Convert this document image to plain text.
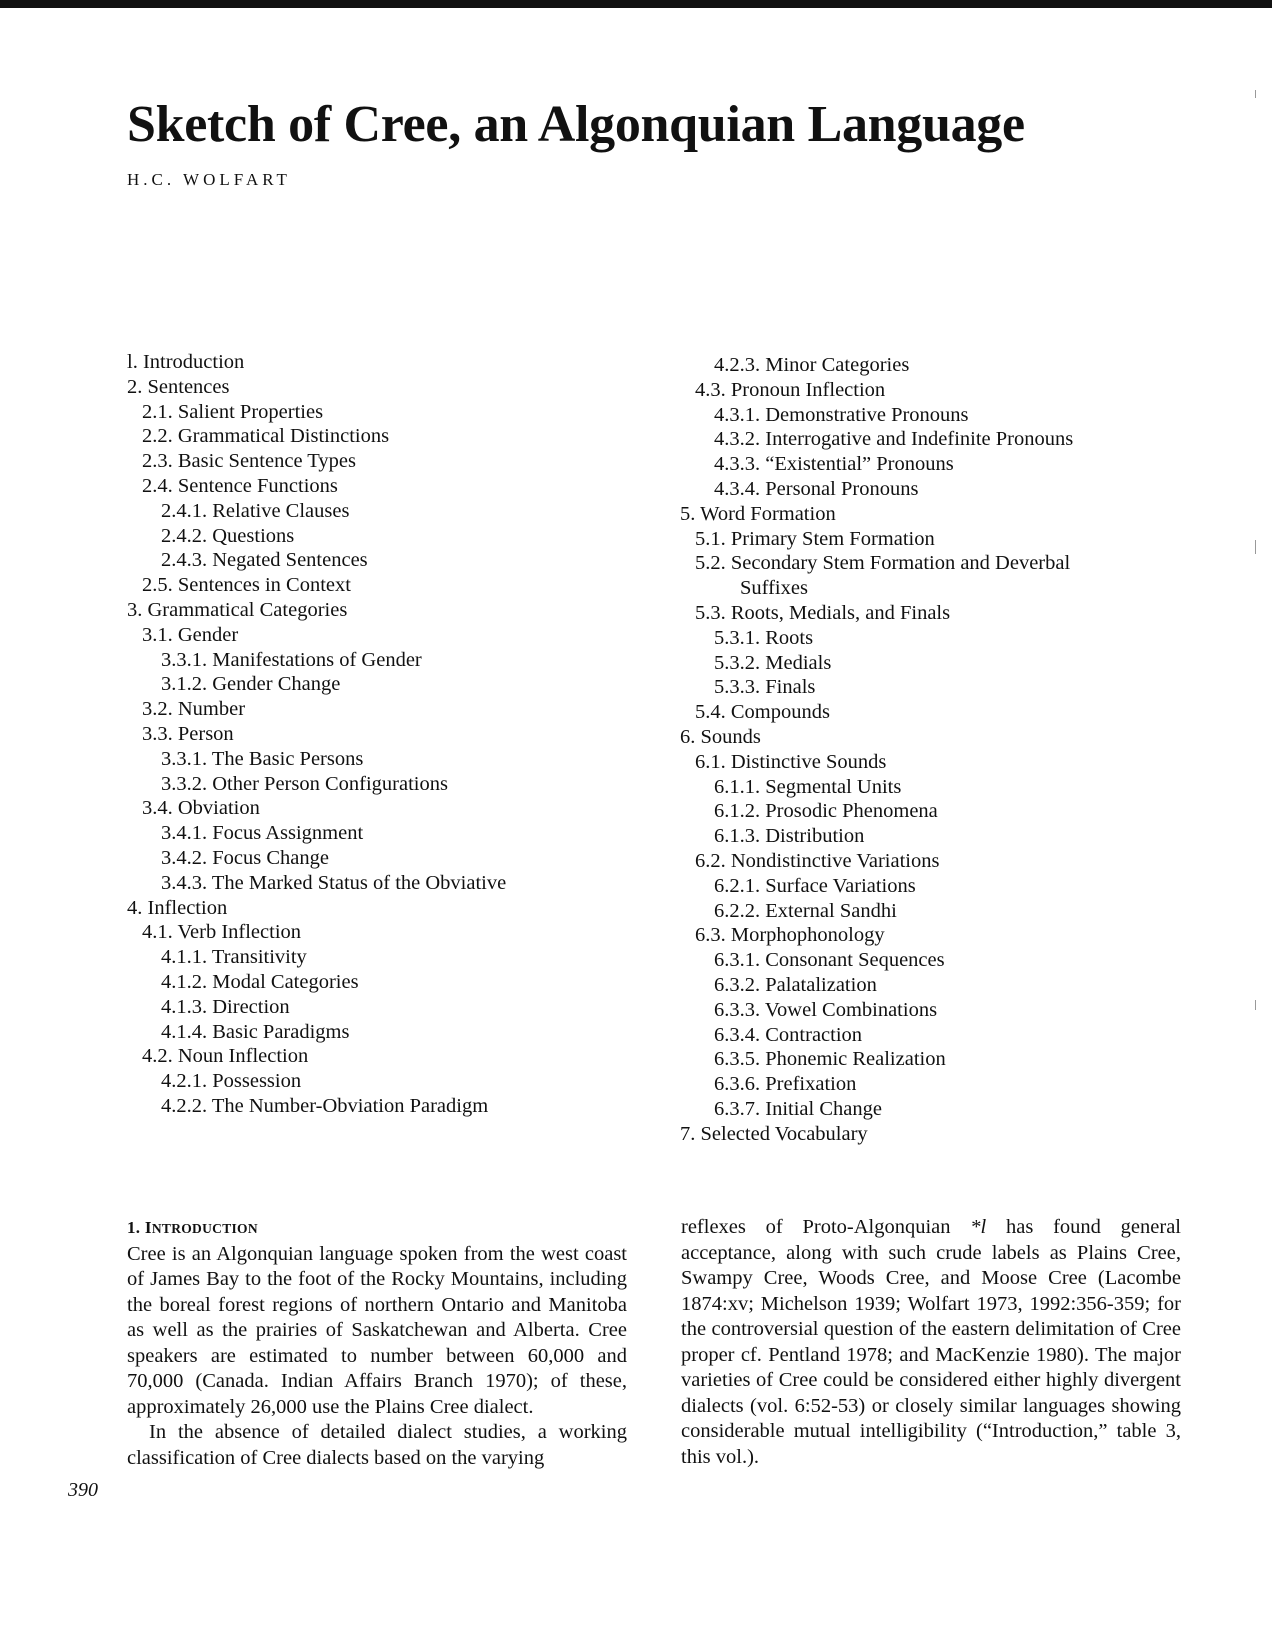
Sketch of Cree, an Algonquian Language
H.C. WOLFART
l. Introduction
2. Sentences
2.1. Salient Properties
2.2. Grammatical Distinctions
2.3. Basic Sentence Types
2.4. Sentence Functions
2.4.1. Relative Clauses
2.4.2. Questions
2.4.3. Negated Sentences
2.5. Sentences in Context
3. Grammatical Categories
3.1. Gender
3.3.1. Manifestations of Gender
3.1.2. Gender Change
3.2. Number
3.3. Person
3.3.1. The Basic Persons
3.3.2. Other Person Configurations
3.4. Obviation
3.4.1. Focus Assignment
3.4.2. Focus Change
3.4.3. The Marked Status of the Obviative
4. Inflection
4.1. Verb Inflection
4.1.1. Transitivity
4.1.2. Modal Categories
4.1.3. Direction
4.1.4. Basic Paradigms
4.2. Noun Inflection
4.2.1. Possession
4.2.2. The Number-Obviation Paradigm
4.2.3. Minor Categories
4.3. Pronoun Inflection
4.3.1. Demonstrative Pronouns
4.3.2. Interrogative and Indefinite Pronouns
4.3.3. “Existential” Pronouns
4.3.4. Personal Pronouns
5. Word Formation
5.1. Primary Stem Formation
5.2. Secondary Stem Formation and Deverbal
Suffixes
5.3. Roots, Medials, and Finals
5.3.1. Roots
5.3.2. Medials
5.3.3. Finals
5.4. Compounds
6. Sounds
6.1. Distinctive Sounds
6.1.1. Segmental Units
6.1.2. Prosodic Phenomena
6.1.3. Distribution
6.2. Nondistinctive Variations
6.2.1. Surface Variations
6.2.2. External Sandhi
6.3. Morphophonology
6.3.1. Consonant Sequences
6.3.2. Palatalization
6.3.3. Vowel Combinations
6.3.4. Contraction
6.3.5. Phonemic Realization
6.3.6. Prefixation
6.3.7. Initial Change
7. Selected Vocabulary
1. INTRODUCTION

Cree is an Algonquian language spoken from the west coast of James Bay to the foot of the Rocky Mountains, including the boreal forest regions of northern Ontario and Manitoba as well as the prairies of Saskatchewan and Alberta. Cree speakers are estimated to number between 60,000 and 70,000 (Canada. Indian Affairs Branch 1970); of these, approximately 26,000 use the Plains Cree dialect.

In the absence of detailed dialect studies, a working classification of Cree dialects based on the varying

reflexes of Proto-Algonquian *l has found general acceptance, along with such crude labels as Plains Cree, Swampy Cree, Woods Cree, and Moose Cree (Lacombe 1874:xv; Michelson 1939; Wolfart 1973, 1992:356-359; for the controversial question of the eastern delimitation of Cree proper cf. Pentland 1978; and MacKenzie 1980). The major varieties of Cree could be considered either highly divergent dialects (vol. 6:52-53) or closely similar languages showing considerable mutual intelligibility (“Introduction,” table 3, this vol.).

390
